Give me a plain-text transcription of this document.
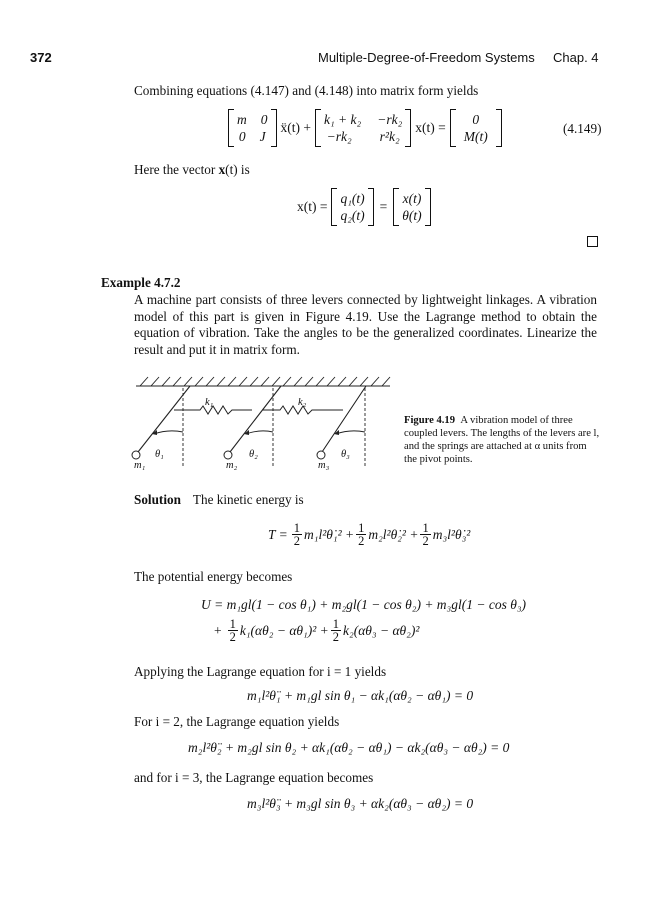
372	Multiple-Degree-of-Freedom Systems Chap. 4
Combining equations (4.147) and (4.148) into matrix form yields
m 0
0 J
ẍ(t) +
k₁ + k₂ −rk₂
−rk₂ r²k₂
x(t) =
0
M(t)
(4.149)
Here the vector x(t) is
x(t) =
q₁(t)
q₂(t)
=
x(t)
θ(t)
Example 4.7.2
A machine part consists of three levers connected by lightweight linkages. A vibration model of this part is given in Figure 4.19. Use the Lagrange method to obtain the equation of vibration. Take the angles to be the generalized coordinates. Linearize the result and put it in matrix form.
k₁	k₂
θ₁	θ₂	θ₃
m₁	m₂	m₃
Figure 4.19 A vibration model of three coupled levers. The lengths of the levers are l, and the springs are attached at α units from the pivot points.
Solution The kinetic energy is
$T = \frac{1}{2}$ m₁l²θ̇₁² + $\frac{1}{2}$ m₂l²θ̇₂² + $\frac{1}{2}$ m₃l²θ̇₃²
The potential energy becomes
U = m₁gl(1 − cos θ₁) + m₂gl(1 − cos θ₂) + m₃gl(1 − cos θ₃)
+ $\frac{1}{2} k_1(\alpha\theta_2 - \alpha\theta_1)^2 + \frac{1}{2} k_2(\alpha\theta_3 - \alpha\theta_2)^2$
Applying the Lagrange equation for i = 1 yields
m₁l²θ̈₁ + m₁gl sin θ₁ − αk₁(αθ₂ − αθ₁) = 0
For i = 2, the Lagrange equation yields
m₂l²θ̈₂ + m₂gl sin θ₂ + αk₁(αθ₂ − αθ₁) − αk₂(αθ₃ − αθ₂) = 0
and for i = 3, the Lagrange equation becomes
m₃l²θ̈₃ + m₃gl sin θ₃ + αk₂(αθ₃ − αθ₂) = 0
